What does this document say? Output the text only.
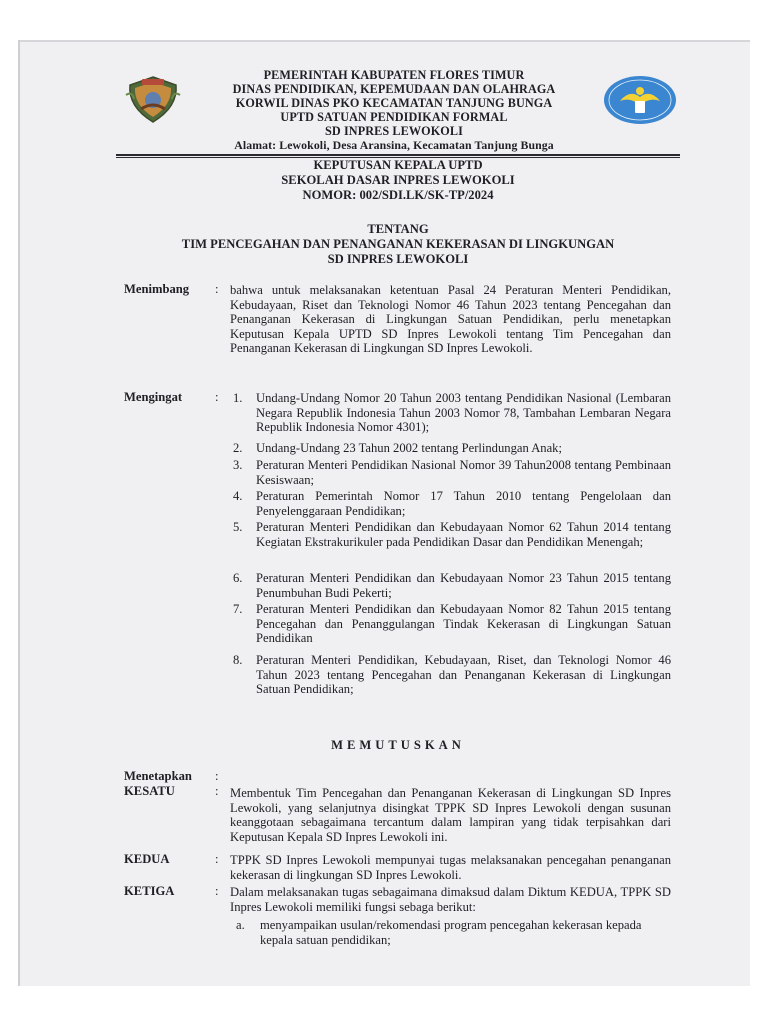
PEMERINTAH KABUPATEN FLORES TIMUR
DINAS PENDIDIKAN, KEPEMUDAAN DAN OLAHRAGA
KORWIL DINAS PKO KECAMATAN TANJUNG BUNGA
UPTD SATUAN PENDIDIKAN FORMAL
SD INPRES LEWOKOLI
Alamat: Lewokoli, Desa Aransina, Kecamatan Tanjung Bunga
KEPUTUSAN KEPALA UPTD
SEKOLAH DASAR INPRES LEWOKOLI
NOMOR: 002/SDI.LK/SK-TP/2024
TENTANG
TIM PENCEGAHAN DAN PENANGANAN KEKERASAN DI LINGKUNGAN
SD INPRES LEWOKOLI
Menimbang : bahwa untuk melaksanakan ketentuan Pasal 24 Peraturan Menteri Pendidikan, Kebudayaan, Riset dan Teknologi Nomor 46 Tahun 2023 tentang Pencegahan dan Penanganan Kekerasan di Lingkungan Satuan Pendidikan, perlu menetapkan Keputusan Kepala UPTD SD Inpres Lewokoli tentang Tim Pencegahan dan Penanganan Kekerasan di Lingkungan SD Inpres Lewokoli.
Mengingat	: 1. Undang-Undang Nomor 20 Tahun 2003 tentang Pendidikan Nasional (Lembaran Negara Republik Indonesia Tahun 2003 Nomor 78, Tambahan Lembaran Negara Republik Indonesia Nomor 4301);
2. Undang-Undang 23 Tahun 2002 tentang Perlindungan Anak;
3. Peraturan Menteri Pendidikan Nasional Nomor 39 Tahun2008 tentang Pembinaan Kesiswaan;
4. Peraturan Pemerintah Nomor 17 Tahun 2010 tentang Pengelolaan dan Penyelenggaraan Pendidikan;
5. Peraturan Menteri Pendidikan dan Kebudayaan Nomor 62 Tahun 2014 tentang Kegiatan Ekstrakurikuler pada Pendidikan Dasar dan Pendidikan Menengah;
6. Peraturan Menteri Pendidikan dan Kebudayaan Nomor 23 Tahun 2015 tentang Penumbuhan Budi Pekerti;
7. Peraturan Menteri Pendidikan dan Kebudayaan Nomor 82 Tahun 2015 tentang Pencegahan dan Penanggulangan Tindak Kekerasan di Lingkungan Satuan Pendidikan
8. Peraturan Menteri Pendidikan, Kebudayaan, Riset, dan Teknologi Nomor 46 Tahun 2023 tentang Pencegahan dan Penanganan Kekerasan di Lingkungan Satuan Pendidikan;
MEMUTUSKAN
Menetapkan :
KESATU	: Membentuk Tim Pencegahan dan Penanganan Kekerasan di Lingkungan SD Inpres Lewokoli, yang selanjutnya disingkat TPPK SD Inpres Lewokoli dengan susunan keanggotaan sebagaimana tercantum dalam lampiran yang tidak terpisahkan dari Keputusan Kepala SD Inpres Lewokoli ini.
KEDUA	: TPPK SD Inpres Lewokoli mempunyai tugas melaksanakan pencegahan penanganan kekerasan di lingkungan SD Inpres Lewokoli.
KETIGA	: Dalam melaksanakan tugas sebagaimana dimaksud dalam Diktum KEDUA, TPPK SD Inpres Lewokoli memiliki fungsi sebaga berikut:
a. menyampaikan usulan/rekomendasi program pencegahan kekerasan kepada kepala satuan pendidikan;
